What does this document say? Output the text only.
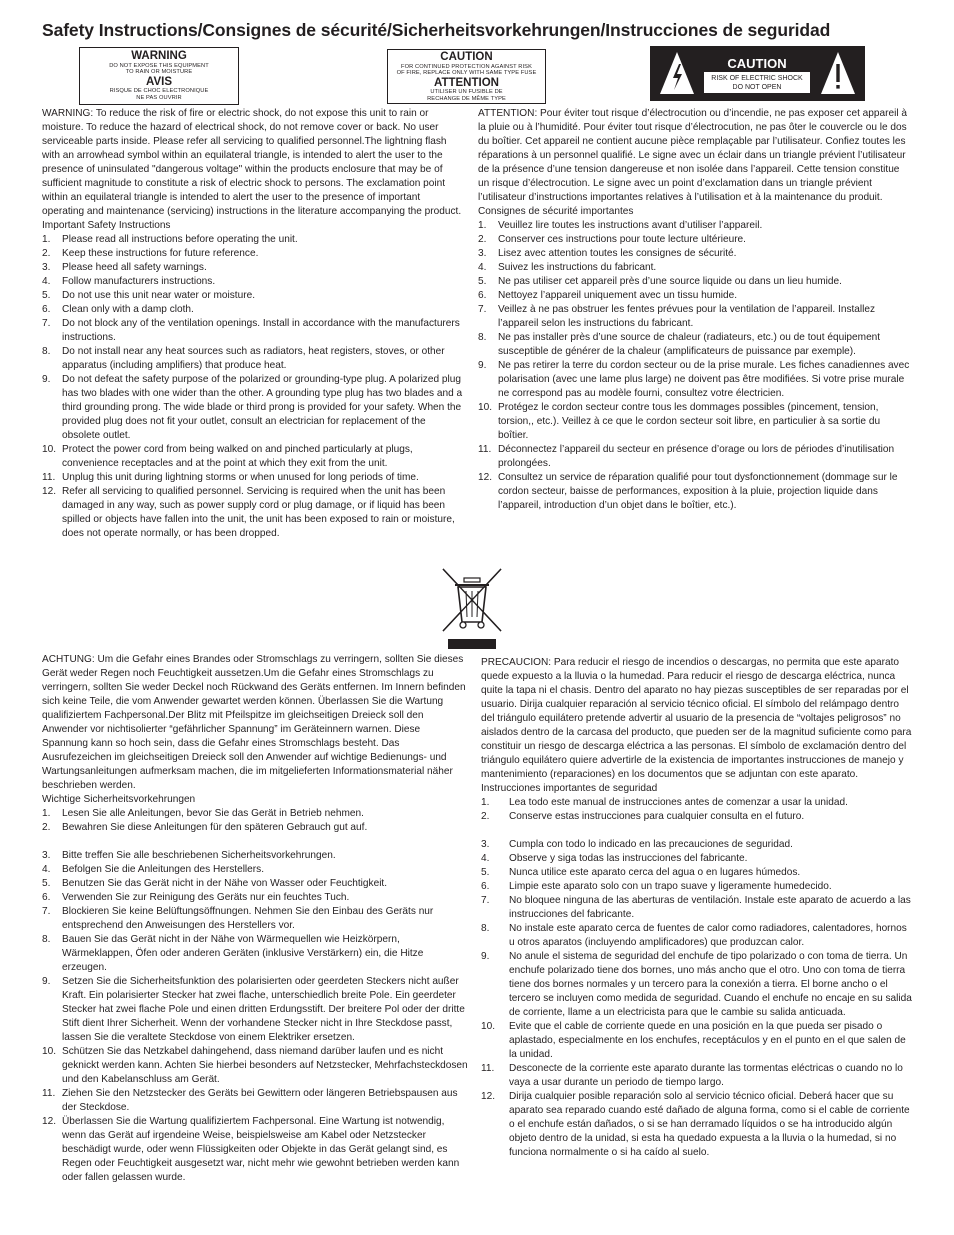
Safety Instructions/Consignes de sécurité/Sicherheitsvorkehrungen/Instrucciones de seguridad
WARNING
DO NOT EXPOSE THIS EQUIPMENT
TO RAIN OR MOISTURE
AVIS
RISQUE DE CHOC ELECTRONIQUE
NE PAS OUVRIR
CAUTION
FOR CONTINUED PROTECTION AGAINST RISK
OF FIRE, REPLACE ONLY WITH SAME TYPE FUSE
ATTENTION
UTILISER UN FUSIBLE DE
RECHANGE DE MÊME TYPE
CAUTION
RISK OF ELECTRIC SHOCK
DO NOT OPEN

WARNING: To reduce the risk of fire or electric shock, do not expose this unit to rain or moisture. To reduce the hazard of electrical shock, do not remove cover or back. No user serviceable parts inside. Please refer all servicing to qualified personnel.The lightning flash with an arrowhead symbol within an equilateral triangle, is intended to alert the user to the presence of uninsulated "dangerous voltage" within the products enclosure that may be of sufficient magnitude to constitute a risk of electric shock to persons. The exclamation point within an equilateral triangle is intended to alert the user to the presence of important operating and maintenance (servicing) instructions in the literature accompanying the product.

Important Safety Instructions

1.	Please read all instructions before operating the unit.
2.	Keep these instructions for future reference.
3.	Please heed all safety warnings.
4.	Follow manufacturers instructions.
5.	Do not use this unit near water or moisture.
6.	Clean only with a damp cloth.
7.	Do not block any of the ventilation openings. Install in accordance with the manufacturers instructions.
8.	Do not install near any heat sources such as radiators, heat registers, stoves, or other apparatus (including amplifiers) that produce heat.
9.	Do not defeat the safety purpose of the polarized or grounding-type plug. A polarized plug has two blades with one wider than the other. A grounding type plug has two blades and a third grounding prong. The wide blade or third prong is provided for your safety. When the provided plug does not fit your outlet, consult an electrician for replacement of the obsolete outlet.
10. Protect the power cord from being walked on and pinched particularly at plugs, convenience receptacles and at the point at which they exit from the unit.
11. Unplug this unit during lightning storms or when unused for long periods of time.
12. Refer all servicing to qualified personnel. Servicing is required when the unit has been damaged in any way, such as power supply cord or plug damage, or if liquid has been spilled or objects have fallen into the unit, the unit has been exposed to rain or moisture, does not operate normally, or has been dropped.

ATTENTION: Pour éviter tout risque d’électrocution ou d’incendie, ne pas exposer cet appareil à la pluie ou à l’humidité. Pour éviter tout risque d’électrocution, ne pas ôter le couvercle ou le dos du boîtier. Cet appareil ne contient aucune pièce remplaçable par l’utilisateur. Confiez toutes les réparations à un personnel qualifié. Le signe avec un éclair dans un triangle prévient l’utilisateur de la présence d’une tension dangereuse et non isolée dans l’appareil. Cette tension constitue un risque d’électrocution. Le signe avec un point d’exclamation dans un triangle prévient l’utilisateur d’instructions importantes relatives à l’utilisation et à la maintenance du produit.

Consignes de sécurité importantes

1.	Veuillez lire toutes les instructions avant d’utiliser l’appareil.
2.	Conserver ces instructions pour toute lecture ultérieure.
3.	Lisez avec attention toutes les consignes de sécurité.
4.	Suivez les instructions du fabricant.
5.	Ne pas utiliser cet appareil près d’une source liquide ou dans un lieu humide.
6.	Nettoyez l’appareil uniquement avec un tissu humide.
7.	Veillez à ne pas obstruer les fentes prévues pour la ventilation de l’appareil. Installez l’appareil selon les instructions du fabricant.
8.	Ne pas installer près d’une source de chaleur (radiateurs, etc.) ou de tout équipement susceptible de générer de la chaleur (amplificateurs de puissance par exemple).
9.	Ne pas retirer la terre du cordon secteur ou de la prise murale. Les fiches canadiennes avec polarisation (avec une lame plus large) ne doivent pas être modifiées. Si votre prise murale ne correspond pas au modèle fourni, consultez votre électricien.
10. Protégez le cordon secteur contre tous les dommages possibles (pincement, tension, torsion,, etc.). Veillez à ce que le cordon secteur soit libre, en particulier à sa sortie du boîtier.
11. Déconnectez l’appareil du secteur en présence d’orage ou lors de périodes d’inutilisation prolongées.
12. Consultez un service de réparation qualifié pour tout dysfonctionnement (dommage sur le cordon secteur, baisse de performances, exposition à la pluie, projection liquide dans l’appareil, introduction d’un objet dans le boîtier, etc.).

ACHTUNG: Um die Gefahr eines Brandes oder Stromschlags zu verringern, sollten Sie dieses Gerät weder Regen noch Feuchtigkeit aussetzen.Um die Gefahr eines Stromschlags zu verringern, sollten Sie weder Deckel noch Rückwand des Geräts entfernen. Im Innern befinden sich keine Teile, die vom Anwender gewartet werden können. Überlassen Sie die Wartung qualifiziertem Fachpersonal.Der Blitz mit Pfeilspitze im gleichseitigen Dreieck soll den Anwender vor nichtisolierter “gefährlicher Spannung” im Geräteinnern warnen. Diese Spannung kann so hoch sein, dass die Gefahr eines Stromschlags besteht. Das Ausrufezeichen im gleichseitigen Dreieck soll den Anwender auf wichtige Bedienungs- und Wartungsanleitungen aufmerksam machen, die im mitgelieferten Informationsmaterial näher beschrieben werden.

Wichtige Sicherheitsvorkehrungen

1.	Lesen Sie alle Anleitungen, bevor Sie das Gerät in Betrieb nehmen.
2.	Bewahren Sie diese Anleitungen für den späteren Gebrauch gut auf.
3.	Bitte treffen Sie alle beschriebenen Sicherheitsvorkehrungen.
4.	Befolgen Sie die Anleitungen des Herstellers.
5.	Benutzen Sie das Gerät nicht in der Nähe von Wasser oder Feuchtigkeit.
6.	Verwenden Sie zur Reinigung des Geräts nur ein feuchtes Tuch.
7.	Blockieren Sie keine Belüftungsöffnungen. Nehmen Sie den Einbau des Geräts nur entsprechend den Anweisungen des Herstellers vor.
8.	Bauen Sie das Gerät nicht in der Nähe von Wärmequellen wie Heizkörpern, Wärmeklappen, Öfen oder anderen Geräten (inklusive Verstärkern) ein, die Hitze erzeugen.
9.	Setzen Sie die Sicherheitsfunktion des polarisierten oder geerdeten Steckers nicht außer Kraft. Ein polarisierter Stecker hat zwei flache, unterschiedlich breite Pole. Ein geerdeter Stecker hat zwei flache Pole und einen dritten Erdungsstift. Der breitere Pol oder der dritte Stift dient Ihrer Sicherheit. Wenn der vorhandene Stecker nicht in Ihre Steckdose passt, lassen Sie die veraltete Steckdose von einem Elektriker ersetzen.
10. Schützen Sie das Netzkabel dahingehend, dass niemand darüber laufen und es nicht geknickt werden kann. Achten Sie hierbei besonders auf Netzstecker, Mehrfachsteckdosen und den Kabelanschluss am Gerät.
11. Ziehen Sie den Netzstecker des Geräts bei Gewittern oder längeren Betriebspausen aus der Steckdose.
12. Überlassen Sie die Wartung qualifiziertem Fachpersonal. Eine Wartung ist notwendig, wenn das Gerät auf irgendeine Weise, beispielsweise am Kabel oder Netzstecker beschädigt wurde, oder wenn Flüssigkeiten oder Objekte in das Gerät gelangt sind, es Regen oder Feuchtigkeit ausgesetzt war, nicht mehr wie gewohnt betrieben werden kann oder fallen gelassen wurde.

PRECAUCION: Para reducir el riesgo de incendios o descargas, no permita que este aparato quede expuesto a la lluvia o la humedad. Para reducir el riesgo de descarga eléctrica, nunca quite la tapa ni el chasis. Dentro del aparato no hay piezas susceptibles de ser reparadas por el usuario. Dirija cualquier reparación al servicio técnico oficial. El símbolo del relámpago dentro del triángulo equilátero pretende advertir al usuario de la presencia de “voltajes peligrosos” no aislados dentro de la carcasa del producto, que pueden ser de la magnitud suficiente como para constituir un riesgo de descarga eléctrica a las personas. El símbolo de exclamación dentro del triángulo equilátero quiere advertirle de la existencia de importantes instrucciones de manejo y mantenimiento (reparaciones) en los documentos que se adjuntan con este aparato.

Instrucciones importantes de seguridad

1.	Lea todo este manual de instrucciones antes de comenzar a usar la unidad.
2.	Conserve estas instrucciones para cualquier consulta en el futuro.
3.	Cumpla con todo lo indicado en las precauciones de seguridad.
4.	Observe y siga todas las instrucciones del fabricante.
5.	Nunca utilice este aparato cerca del agua o en lugares húmedos.
6.	Limpie este aparato solo con un trapo suave y ligeramente humedecido.
7.	No bloquee ninguna de las aberturas de ventilación. Instale este aparato de acuerdo a las instrucciones del fabricante.
8.	No instale este aparato cerca de fuentes de calor como radiadores, calentadores, hornos u otros aparatos (incluyendo amplificadores) que produzcan calor.
9.	No anule el sistema de seguridad del enchufe de tipo polarizado o con toma de tierra. Un enchufe polarizado tiene dos bornes, uno más ancho que el otro. Uno con toma de tierra tiene dos bornes normales y un tercero para la conexión a tierra. El borne ancho o el tercero se incluyen como medida de seguridad. Cuando el enchufe no encaje en su salida de corriente, llame a un electricista para que le cambie su salida anticuada.
10.	Evite que el cable de corriente quede en una posición en la que pueda ser pisado o aplastado, especialmente en los enchufes, receptáculos y en el punto en el que salen de la unidad.
11.	Desconecte de la corriente este aparato durante las tormentas eléctricas o cuando no lo vaya a usar durante un periodo de tiempo largo.
12.	Dirija cualquier posible reparación solo al servicio técnico oficial. Deberá hacer que su aparato sea reparado cuando esté dañado de alguna forma, como si el cable de corriente o el enchufe están dañados, o si se han derramado líquidos o se ha introducido algún objeto dentro de la unidad, si esta ha quedado expuesta a la lluvia o la humedad, si no funciona normalmente o si ha caído al suelo.
